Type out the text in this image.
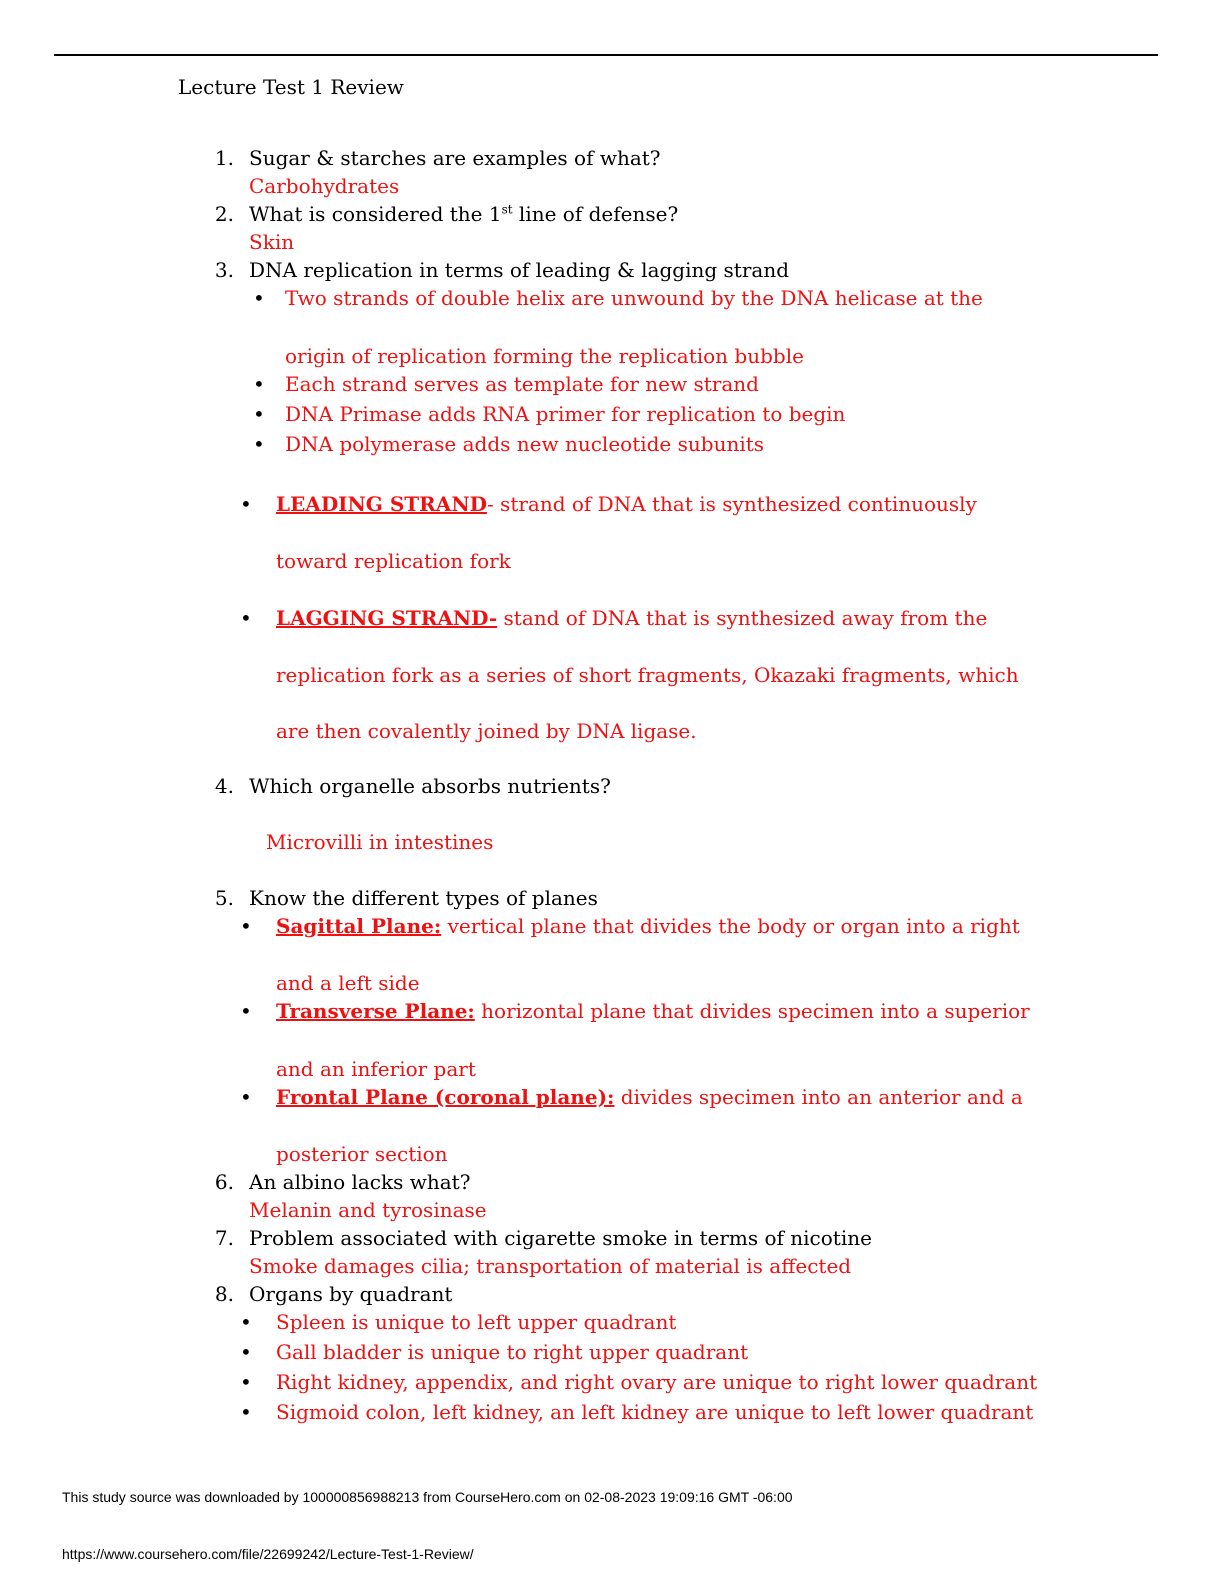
Lecture Test 1 Review
1. Sugar & starches are examples of what?
Carbohydrates
2. What is considered the 1st line of defense?
Skin
3. DNA replication in terms of leading & lagging strand
• Two strands of double helix are unwound by the DNA helicase at the
origin of replication forming the replication bubble
• Each strand serves as template for new strand
• DNA Primase adds RNA primer for replication to begin
• DNA polymerase adds new nucleotide subunits
• LEADING STRAND- strand of DNA that is synthesized continuously
toward replication fork
• LAGGING STRAND- stand of DNA that is synthesized away from the
replication fork as a series of short fragments, Okazaki fragments, which
are then covalently joined by DNA ligase.
4. Which organelle absorbs nutrients?
Microvilli in intestines
5. Know the different types of planes
• Sagittal Plane: vertical plane that divides the body or organ into a right
and a left side
• Transverse Plane: horizontal plane that divides specimen into a superior
and an inferior part
• Frontal Plane (coronal plane): divides specimen into an anterior and a
posterior section
6. An albino lacks what?
Melanin and tyrosinase
7. Problem associated with cigarette smoke in terms of nicotine
Smoke damages cilia; transportation of material is affected
8. Organs by quadrant
• Spleen is unique to left upper quadrant
• Gall bladder is unique to right upper quadrant
• Right kidney, appendix, and right ovary are unique to right lower quadrant
• Sigmoid colon, left kidney, an left kidney are unique to left lower quadrant
This study source was downloaded by 100000856988213 from CourseHero.com on 02-08-2023 19:09:16 GMT -06:00
https://www.coursehero.com/file/22699242/Lecture-Test-1-Review/
